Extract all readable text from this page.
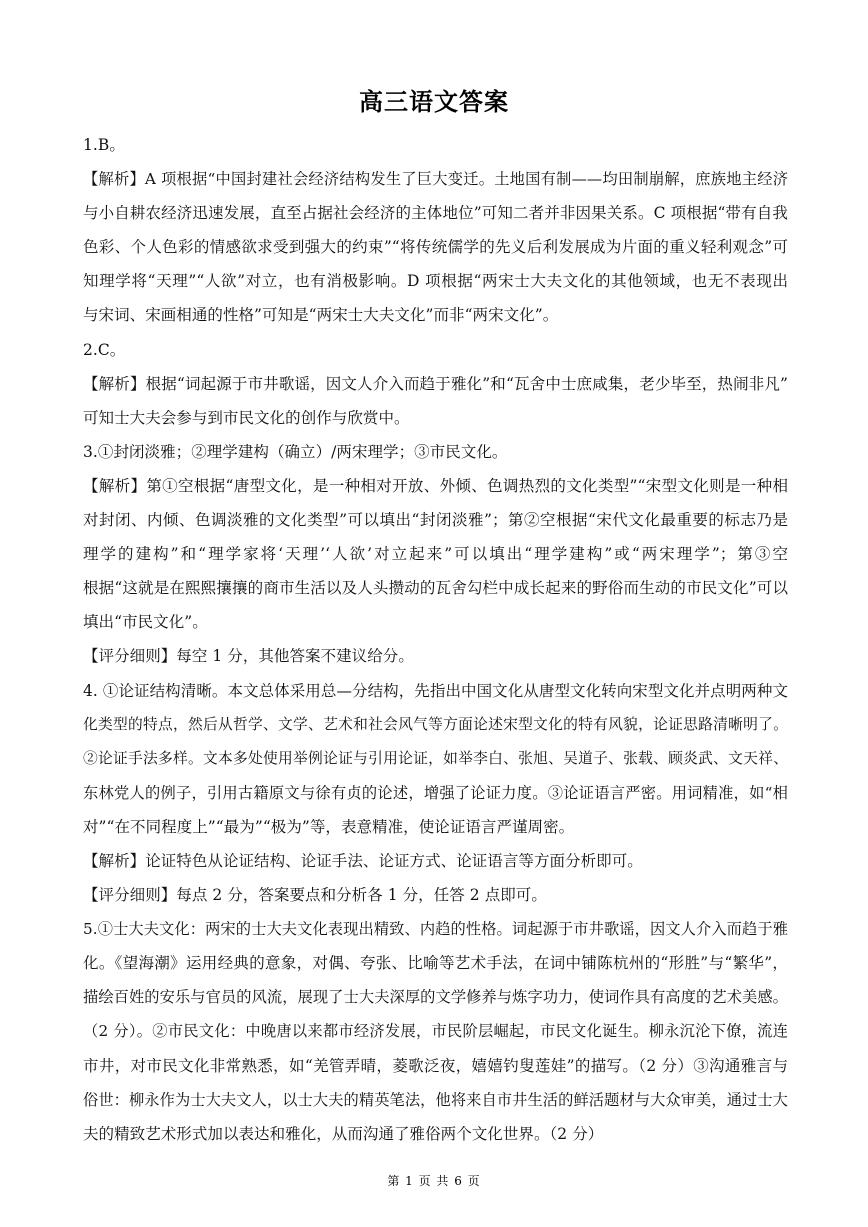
高三语文答案
1.B。
【解析】A 项根据“中国封建社会经济结构发生了巨大变迁。土地国有制——均田制崩解，庶族地主经济
与小自耕农经济迅速发展，直至占据社会经济的主体地位”可知二者并非因果关系。C 项根据“带有自我
色彩、个人色彩的情感欲求受到强大的约束”“将传统儒学的先义后利发展成为片面的重义轻利观念”可
知理学将“天理”“人欲”对立，也有消极影响。D 项根据“两宋士大夫文化的其他领域，也无不表现出
与宋词、宋画相通的性格”可知是“两宋士大夫文化”而非“两宋文化”。
2.C。
【解析】根据“词起源于市井歌谣，因文人介入而趋于雅化”和“瓦舍中士庶咸集，老少毕至，热闹非凡”
可知士大夫会参与到市民文化的创作与欣赏中。
3.①封闭淡雅；②理学建构（确立）/两宋理学；③市民文化。
【解析】第①空根据“唐型文化，是一种相对开放、外倾、色调热烈的文化类型”“宋型文化则是一种相
对封闭、内倾、色调淡雅的文化类型”可以填出“封闭淡雅”；第②空根据“宋代文化最重要的标志乃是
理学的建构”和“理学家将‘天理’‘人欲’对立起来”可以填出“理学建构”或“两宋理学”；第③空
根据“这就是在熙熙攘攘的商市生活以及人头攒动的瓦舍勾栏中成长起来的野俗而生动的市民文化”可以
填出“市民文化”。
【评分细则】每空 1 分，其他答案不建议给分。
4. ①论证结构清晰。本文总体采用总—分结构，先指出中国文化从唐型文化转向宋型文化并点明两种文
化类型的特点，然后从哲学、文学、艺术和社会风气等方面论述宋型文化的特有风貌，论证思路清晰明了。
②论证手法多样。文本多处使用举例论证与引用论证，如举李白、张旭、吴道子、张载、顾炎武、文天祥、
东林党人的例子，引用古籍原文与徐有贞的论述，增强了论证力度。③论证语言严密。用词精准，如“相
对”“在不同程度上”“最为”“极为”等，表意精准，使论证语言严谨周密。
【解析】论证特色从论证结构、论证手法、论证方式、论证语言等方面分析即可。
【评分细则】每点 2 分，答案要点和分析各 1 分，任答 2 点即可。
5.①士大夫文化：两宋的士大夫文化表现出精致、内趋的性格。词起源于市井歌谣，因文人介入而趋于雅
化。《望海潮》运用经典的意象，对偶、夸张、比喻等艺术手法，在词中铺陈杭州的“形胜”与“繁华”，
描绘百姓的安乐与官员的风流，展现了士大夫深厚的文学修养与炼字功力，使词作具有高度的艺术美感。
（2 分）。②市民文化：中晚唐以来都市经济发展，市民阶层崛起，市民文化诞生。柳永沉沦下僚，流连
市井，对市民文化非常熟悉，如“羌管弄晴，菱歌泛夜，嬉嬉钓叟莲娃”的描写。（2 分）③沟通雅言与
俗世：柳永作为士大夫文人，以士大夫的精英笔法，他将来自市井生活的鲜活题材与大众审美，通过士大
夫的精致艺术形式加以表达和雅化，从而沟通了雅俗两个文化世界。（2 分）
第 1 页 共 6 页
